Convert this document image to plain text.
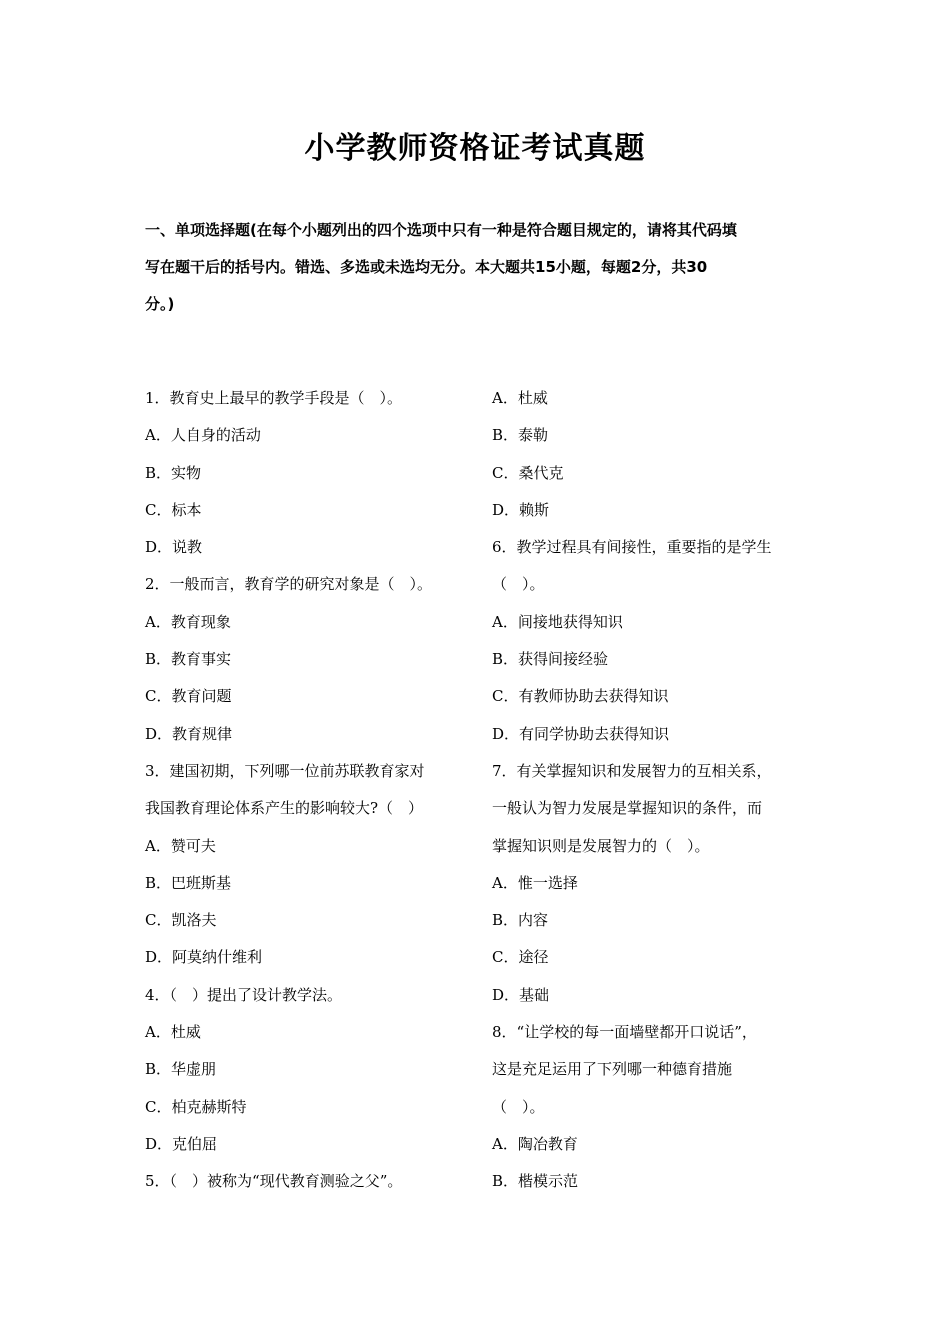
小学教师资格证考试真题
一、单项选择题(在每个小题列出的四个选项中只有一种是符合题目规定的，请将其代码填
写在题干后的括号内。错选、多选或未选均无分。本大题共15小题，每题2分，共30
分。)
1．教育史上最早的教学手段是（　）。
A．人自身的活动
B．实物
C．标本
D．说教
2．一般而言，教育学的研究对象是（　）。
A．教育现象
B．教育事实
C．教育问题
D．教育规律
3．建国初期，下列哪一位前苏联教育家对
我国教育理论体系产生的影响较大?（　）
A．赞可夫
B．巴班斯基
C．凯洛夫
D．阿莫纳什维利
4．（　）提出了设计教学法。
A．杜威
B．华虚朋
C．柏克赫斯特
D．克伯屈
5．（　）被称为“现代教育测验之父”。
A．杜威
B．泰勒
C．桑代克
D．赖斯
6．教学过程具有间接性，重要指的是学生
（　）。
A．间接地获得知识
B．获得间接经验
C．有教师协助去获得知识
D．有同学协助去获得知识
7．有关掌握知识和发展智力的互相关系，
一般认为智力发展是掌握知识的条件，而
掌握知识则是发展智力的（　）。
A．惟一选择
B．内容
C．途径
D．基础
8．“让学校的每一面墙壁都开口说话”，
这是充足运用了下列哪一种德育措施
（　）。
A．陶冶教育
B．楷模示范
